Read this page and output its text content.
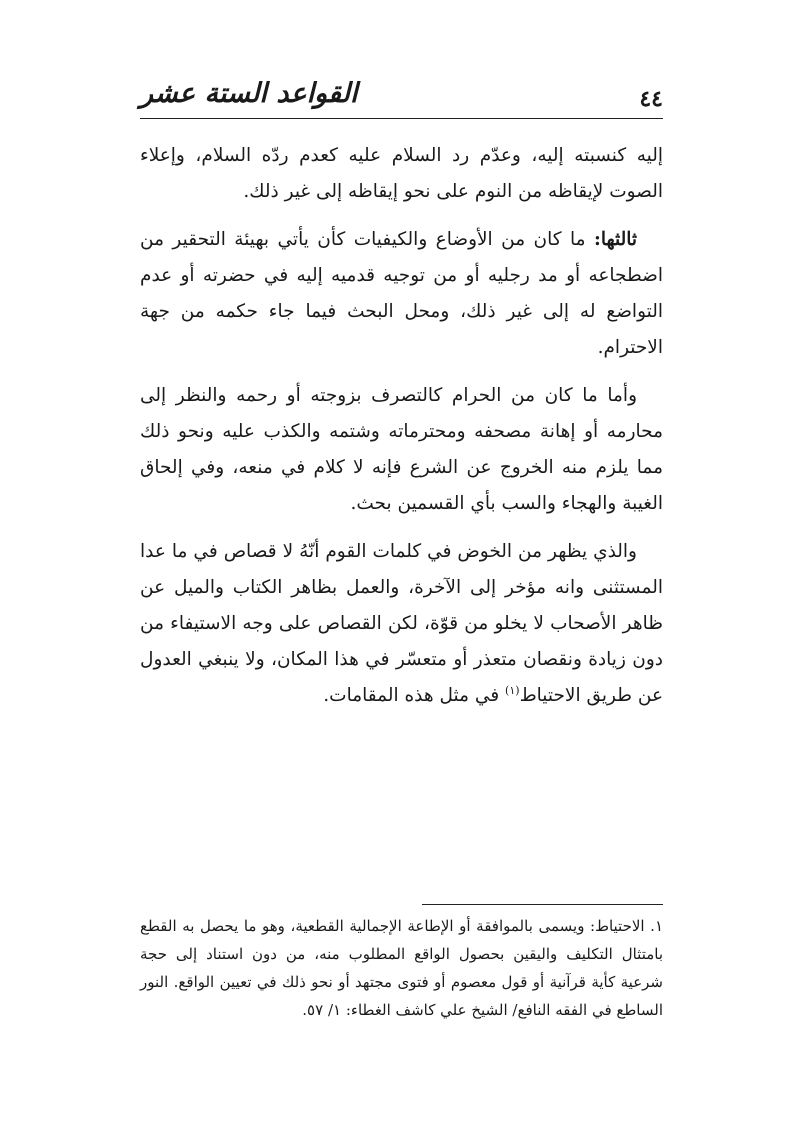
٤٤
القواعد الستة عشر

إليه كنسبته إليه، وعدّم رد السلام عليه كعدم ردّه السلام، وإعلاء الصوت لإيقاظه من النوم على نحو إيقاظه إلى غير ذلك.

ثالثها: ما كان من الأوضاع والكيفيات كأن يأتي بهيئة التحقير من اضطجاعه أو مد رجليه أو من توجيه قدميه إليه في حضرته أو عدم التواضع له إلى غير ذلك، ومحل البحث فيما جاء حكمه من جهة الاحترام.

وأما ما كان من الحرام كالتصرف بزوجته أو رحمه والنظر إلى محارمه أو إهانة مصحفه ومحترماته وشتمه والكذب عليه ونحو ذلك مما يلزم منه الخروج عن الشرع فإنه لا كلام في منعه، وفي إلحاق الغيبة والهجاء والسب بأي القسمين بحث.

والذي يظهر من الخوض في كلمات القوم أنّهُ لا قصاص في ما عدا المستثنى وانه مؤخر إلى الآخرة، والعمل بظاهر الكتاب والميل عن ظاهر الأصحاب لا يخلو من قوّة، لكن القصاص على وجه الاستيفاء من دون زيادة ونقصان متعذر أو متعسّر في هذا المكان، ولا ينبغي العدول عن طريق الاحتياط$^{(١)}$ في مثل هذه المقامات.

١. الاحتياط: ويسمى بالموافقة أو الإطاعة الإجمالية القطعية، وهو ما يحصل به القطع بامتثال التكليف واليقين بحصول الواقع المطلوب منه، من دون استناد إلى حجة شرعية كأية قرآنية أو قول معصوم أو فتوى مجتهد أو نحو ذلك في تعيين الواقع. النور الساطع في الفقه النافع/ الشيخ علي كاشف الغطاء: ١/ ٥٧.
